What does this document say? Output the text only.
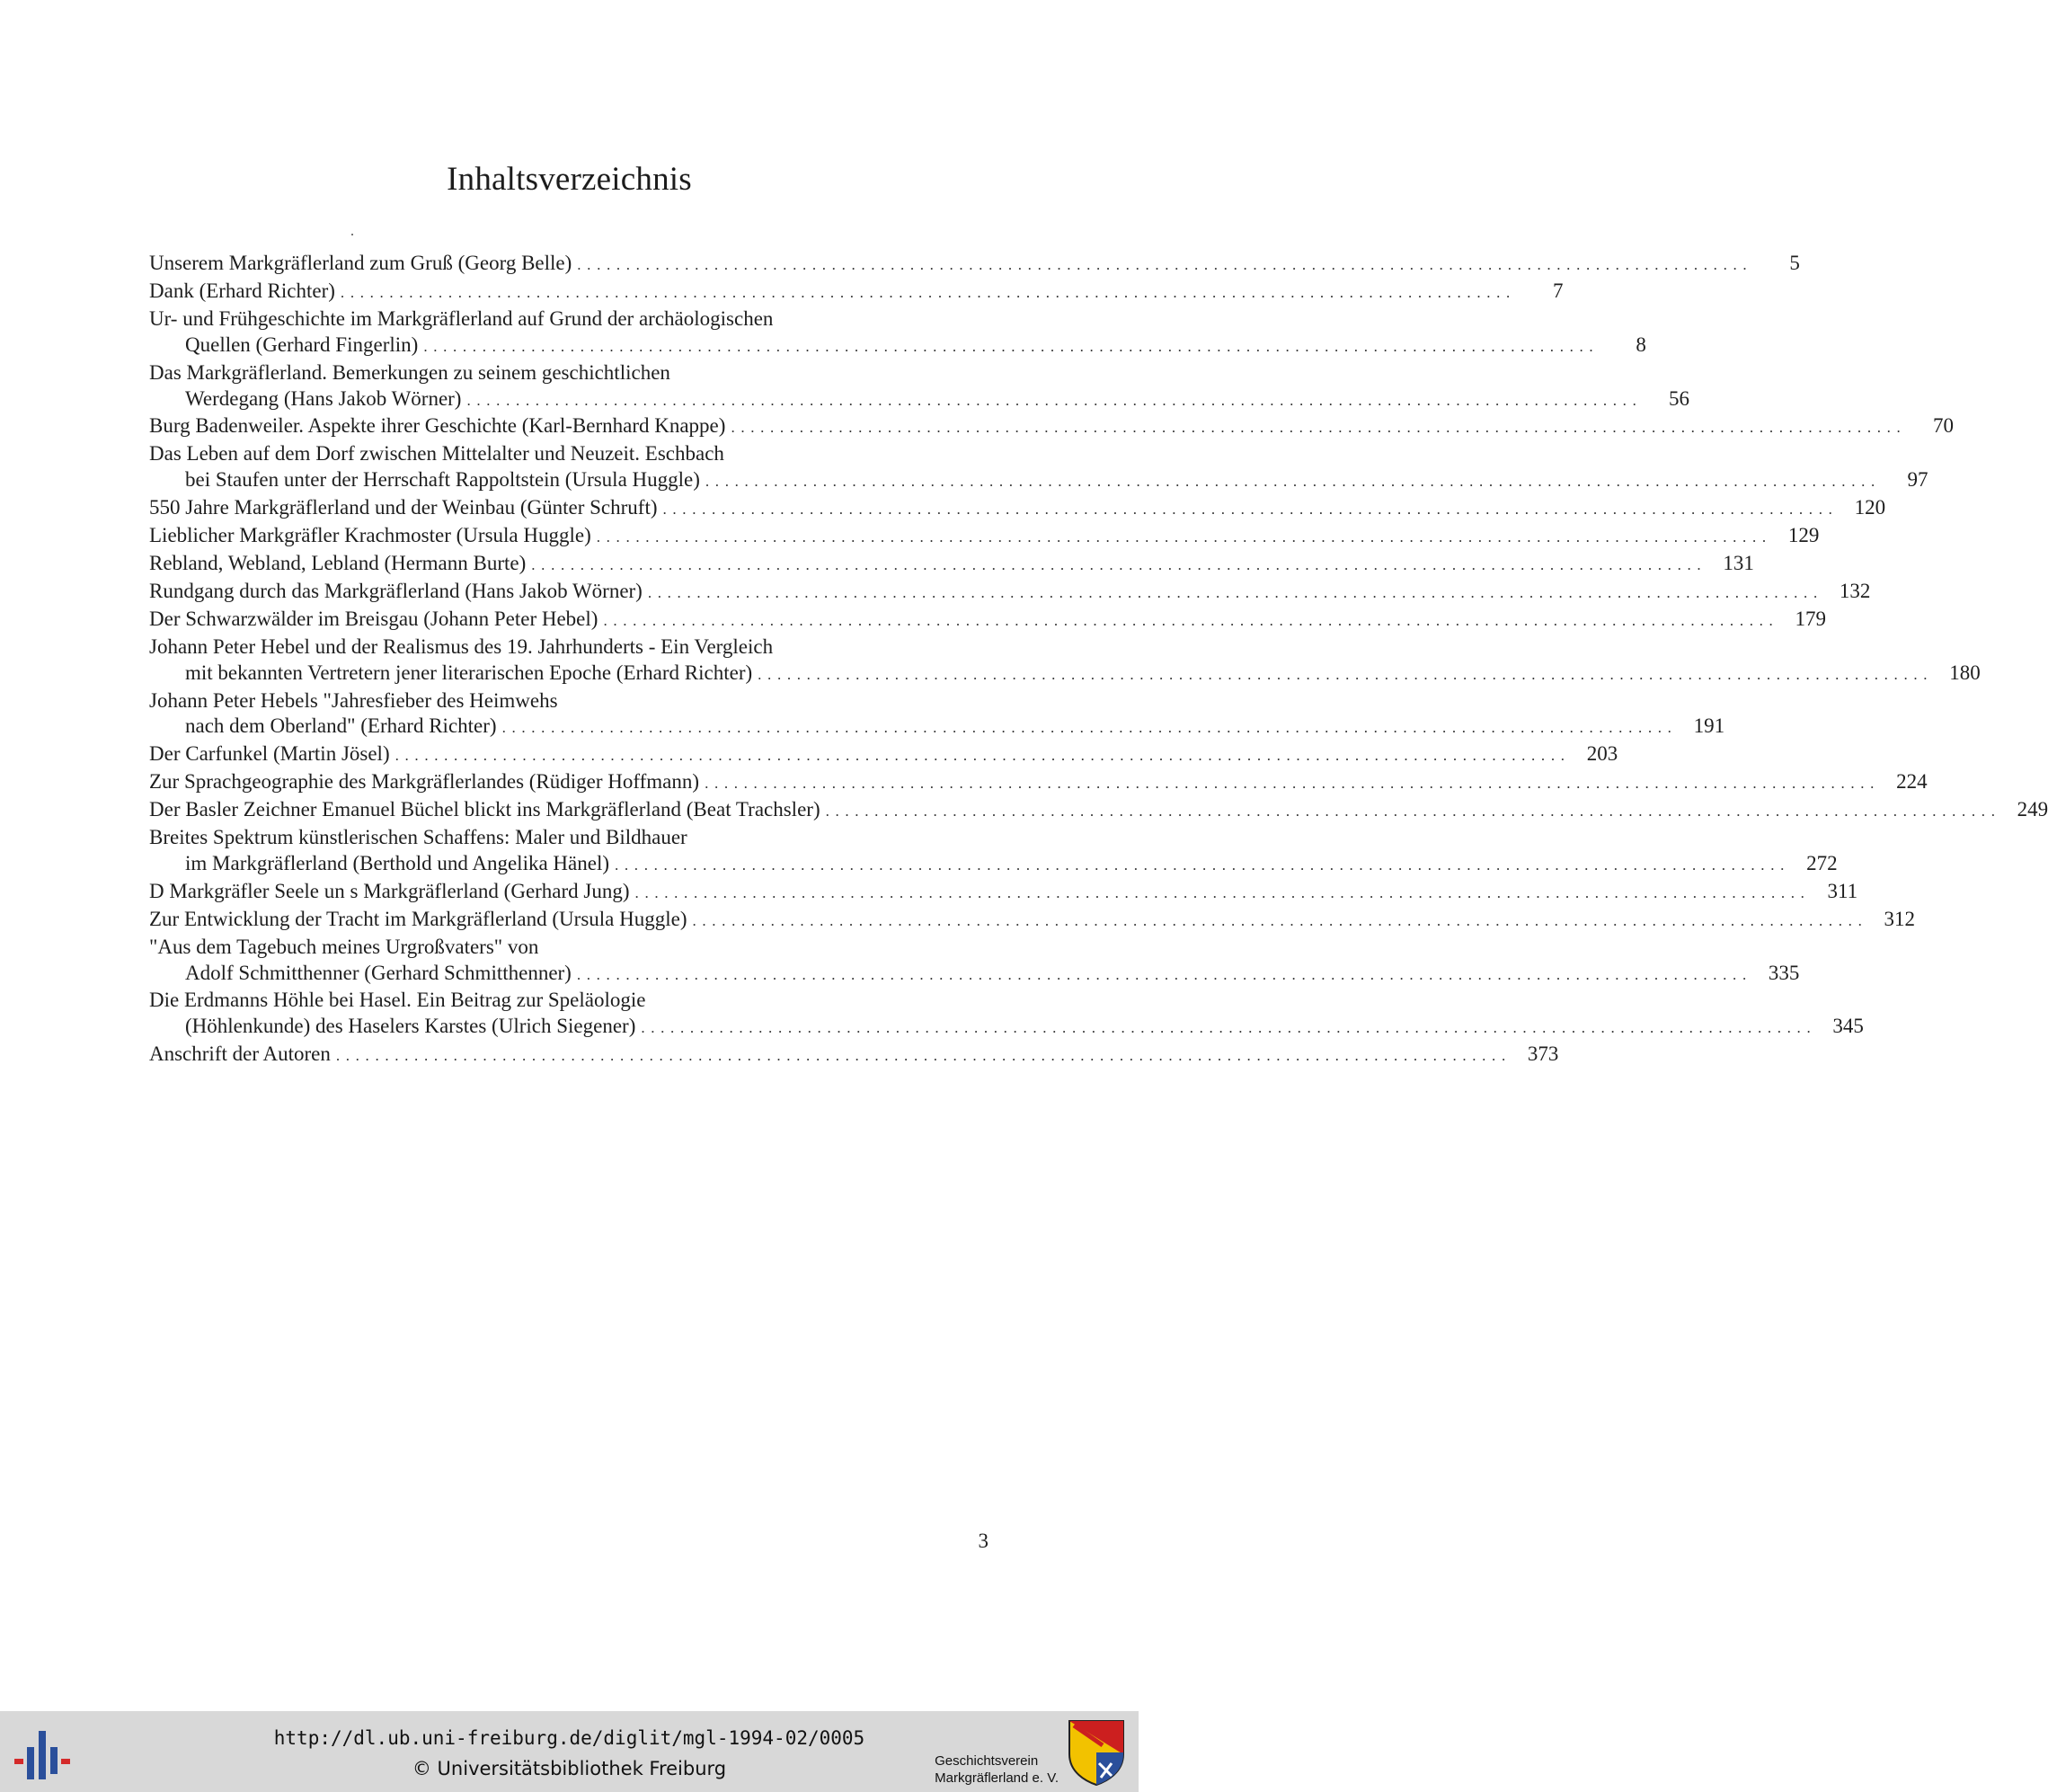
Inhaltsverzeichnis
Unserem Markgräflerland zum Gruß (Georg Belle) . . . . . . . . . . . . . . . . . . . . . . . . . . . . . . . . . . . . . . . . . . . . . . . . . . . . . . . . . . . . . . . . . . . . . . . . . . . . . . . . . . . . . . . . . . . . . . . . . . . . . . . . . . . . . . . . . . . . . . . .	5
Dank (Erhard Richter) . . . . . . . . . . . . . . . . . . . . . . . . . . . . . . . . . . . . . . . . . . . . . . . . . . . . . . . . . . . . . . . . . . . . . . . . . . . . . . . . . . . . . . . . . . . . . . . . . . . . . . . . . . . . . . . . . . . . . . . .	7
Ur- und Frühgeschichte im Markgräflerland auf Grund der archäologischen
Quellen (Gerhard Fingerlin) . . . . . . . . . . . . . . . . . . . . . . . . . . . . . . . . . . . . . . . . . . . . . . . . . . . . . . . . . . . . . . . . . . . . . . . . . . . . . . . . . . . . . . . . . . . . . . . . . . . . . . . . . . . . . . . . . . . . . . . .	8
Das Markgräflerland. Bemerkungen zu seinem geschichtlichen
Werdegang (Hans Jakob Wörner) . . . . . . . . . . . . . . . . . . . . . . . . . . . . . . . . . . . . . . . . . . . . . . . . . . . . . . . . . . . . . . . . . . . . . . . . . . . . . . . . . . . . . . . . . . . . . . . . . . . . . . . . . . . . . . . . . . . . . . . .	56
Burg Badenweiler. Aspekte ihrer Geschichte (Karl-Bernhard Knappe) . . . . . . . . . . . . . . . . . . . . . . . . . . . . . . . . . . . . . . . . . . . . . . . . . . . . . . . . . . . . . . . . . . . . . . . . . . . . . . . . . . . . . . . . . . . . . . . . . . . . . . . . . . . . . . . . . . . . . . . .	70
Das Leben auf dem Dorf zwischen Mittelalter und Neuzeit. Eschbach
bei Staufen unter der Herrschaft Rappoltstein (Ursula Huggle) . . . . . . . . . . . . . . . . . . . . . . . . . . . . . . . . . . . . . . . . . . . . . . . . . . . . . . . . . . . . . . . . . . . . . . . . . . . . . . . . . . . . . . . . . . . . . . . . . . . . . . . . . . . . . . . . . . . . . . . .	97
550 Jahre Markgräflerland und der Weinbau (Günter Schruft) . . . . . . . . . . . . . . . . . . . . . . . . . . . . . . . . . . . . . . . . . . . . . . . . . . . . . . . . . . . . . . . . . . . . . . . . . . . . . . . . . . . . . . . . . . . . . . . . . . . . . . . . . . . . . . . . . . . . . . . .	120
Lieblicher Markgräfler Krachmoster (Ursula Huggle) . . . . . . . . . . . . . . . . . . . . . . . . . . . . . . . . . . . . . . . . . . . . . . . . . . . . . . . . . . . . . . . . . . . . . . . . . . . . . . . . . . . . . . . . . . . . . . . . . . . . . . . . . . . . . . . . . . . . . . . .	129
Rebland, Webland, Lebland (Hermann Burte) . . . . . . . . . . . . . . . . . . . . . . . . . . . . . . . . . . . . . . . . . . . . . . . . . . . . . . . . . . . . . . . . . . . . . . . . . . . . . . . . . . . . . . . . . . . . . . . . . . . . . . . . . . . . . . . . . . . . . . . .	131
Rundgang durch das Markgräflerland (Hans Jakob Wörner) . . . . . . . . . . . . . . . . . . . . . . . . . . . . . . . . . . . . . . . . . . . . . . . . . . . . . . . . . . . . . . . . . . . . . . . . . . . . . . . . . . . . . . . . . . . . . . . . . . . . . . . . . . . . . . . . . . . . . . . .	132
Der Schwarzwälder im Breisgau (Johann Peter Hebel) . . . . . . . . . . . . . . . . . . . . . . . . . . . . . . . . . . . . . . . . . . . . . . . . . . . . . . . . . . . . . . . . . . . . . . . . . . . . . . . . . . . . . . . . . . . . . . . . . . . . . . . . . . . . . . . . . . . . . . . .	179
Johann Peter Hebel und der Realismus des 19. Jahrhunderts - Ein Vergleich
mit bekannten Vertretern jener literarischen Epoche (Erhard Richter) . . . . . . . . . . . . . . . . . . . . . . . . . . . . . . . . . . . . . . . . . . . . . . . . . . . . . . . . . . . . . . . . . . . . . . . . . . . . . . . . . . . . . . . . . . . . . . . . . . . . . . . . . . . . . . . . . . . . . . . .	180
Johann Peter Hebels "Jahresfieber des Heimwehs
nach dem Oberland" (Erhard Richter) . . . . . . . . . . . . . . . . . . . . . . . . . . . . . . . . . . . . . . . . . . . . . . . . . . . . . . . . . . . . . . . . . . . . . . . . . . . . . . . . . . . . . . . . . . . . . . . . . . . . . . . . . . . . . . . . . . . . . . . .	191
Der Carfunkel (Martin Jösel) . . . . . . . . . . . . . . . . . . . . . . . . . . . . . . . . . . . . . . . . . . . . . . . . . . . . . . . . . . . . . . . . . . . . . . . . . . . . . . . . . . . . . . . . . . . . . . . . . . . . . . . . . . . . . . . . . . . . . . . .	203
Zur Sprachgeographie des Markgräflerlandes (Rüdiger Hoffmann) . . . . . . . . . . . . . . . . . . . . . . . . . . . . . . . . . . . . . . . . . . . . . . . . . . . . . . . . . . . . . . . . . . . . . . . . . . . . . . . . . . . . . . . . . . . . . . . . . . . . . . . . . . . . . . . . . . . . . . . .	224
Der Basler Zeichner Emanuel Büchel blickt ins Markgräflerland (Beat Trachsler) . . . . . . . . . . . . . . . . . . . . . . . . . . . . . . . . . . . . . . . . . . . . . . . . . . . . . . . . . . . . . . . . . . . . . . . . . . . . . . . . . . . . . . . . . . . . . . . . . . . . . . . . . . . . . . . . . . . . . . . .	249
Breites Spektrum künstlerischen Schaffens: Maler und Bildhauer
im Markgräflerland (Berthold und Angelika Hänel) . . . . . . . . . . . . . . . . . . . . . . . . . . . . . . . . . . . . . . . . . . . . . . . . . . . . . . . . . . . . . . . . . . . . . . . . . . . . . . . . . . . . . . . . . . . . . . . . . . . . . . . . . . . . . . . . . . . . . . . .	272
D Markgräfler Seele un s Markgräflerland (Gerhard Jung) . . . . . . . . . . . . . . . . . . . . . . . . . . . . . . . . . . . . . . . . . . . . . . . . . . . . . . . . . . . . . . . . . . . . . . . . . . . . . . . . . . . . . . . . . . . . . . . . . . . . . . . . . . . . . . . . . . . . . . . .	311
Zur Entwicklung der Tracht im Markgräflerland (Ursula Huggle) . . . . . . . . . . . . . . . . . . . . . . . . . . . . . . . . . . . . . . . . . . . . . . . . . . . . . . . . . . . . . . . . . . . . . . . . . . . . . . . . . . . . . . . . . . . . . . . . . . . . . . . . . . . . . . . . . . . . . . . .	312
"Aus dem Tagebuch meines Urgroßvaters" von
Adolf Schmitthenner (Gerhard Schmitthenner) . . . . . . . . . . . . . . . . . . . . . . . . . . . . . . . . . . . . . . . . . . . . . . . . . . . . . . . . . . . . . . . . . . . . . . . . . . . . . . . . . . . . . . . . . . . . . . . . . . . . . . . . . . . . . . . . . . . . . . . .	335
Die Erdmanns Höhle bei Hasel. Ein Beitrag zur Speläologie
(Höhlenkunde) des Haselers Karstes (Ulrich Siegener) . . . . . . . . . . . . . . . . . . . . . . . . . . . . . . . . . . . . . . . . . . . . . . . . . . . . . . . . . . . . . . . . . . . . . . . . . . . . . . . . . . . . . . . . . . . . . . . . . . . . . . . . . . . . . . . . . . . . . . . .	345
Anschrift der Autoren . . . . . . . . . . . . . . . . . . . . . . . . . . . . . . . . . . . . . . . . . . . . . . . . . . . . . . . . . . . . . . . . . . . . . . . . . . . . . . . . . . . . . . . . . . . . . . . . . . . . . . . . . . . . . . . . . . . . . . . .	373
3
http://dl.ub.uni-freiburg.de/diglit/mgl-1994-02/0005
© Universitätsbibliothek Freiburg	Geschichtsverein
Markgräflerland e. V.
